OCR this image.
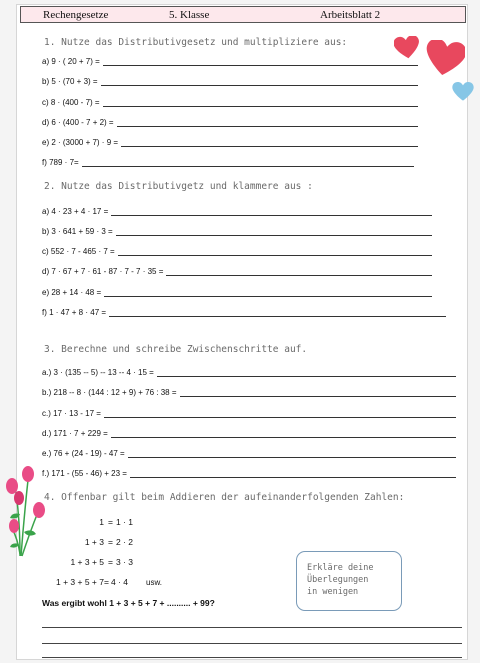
Rechengesetze	5. Klasse	Arbeitsblatt 2
1. Nutze das Distributivgesetz und multipliziere aus:
a) 9 · ( 20 + 7) =
b) 5 · (70 + 3) =
c) 8 · (400 - 7) =
d) 6 · (400 - 7 + 2) =
e) 2 · (3000 + 7) · 9 =
f) 789 · 7=
2. Nutze das Distributivgetz und klammere aus :
a) 4 · 23 + 4 · 17 =
b) 3 · 641 + 59 · 3 =
c) 552 · 7 - 465 · 7 =
d) 7 · 67 + 7 · 61 - 87 · 7 - 7 · 35 =
e) 28 + 14 · 48 =
f) 1 · 47 + 8 · 47 =
3. Berechne und schreibe Zwischenschritte auf.
a.) 3 · (135 -- 5) -- 13 -- 4 · 15 =
b.) 218 -- 8 · (144 : 12 + 9) + 76 : 38 =
c.) 17 · 13 - 17 =
d.) 171 · 7 + 229 =
e.) 76 + (24 - 19) - 47 =
f.) 171 - (55 - 46) + 23 =
4. Offenbar gilt beim Addieren der aufeinanderfolgenden Zahlen:
1 = 1 · 1
1 + 3 = 2 · 2
1 + 3 + 5 = 3 · 3
1 + 3 + 5 + 7 = 4 · 4 usw.
Was ergibt wohl 1 + 3 + 5 + 7 + .......... + 99?
Erkläre deine
Überlegungen
in wenigen
